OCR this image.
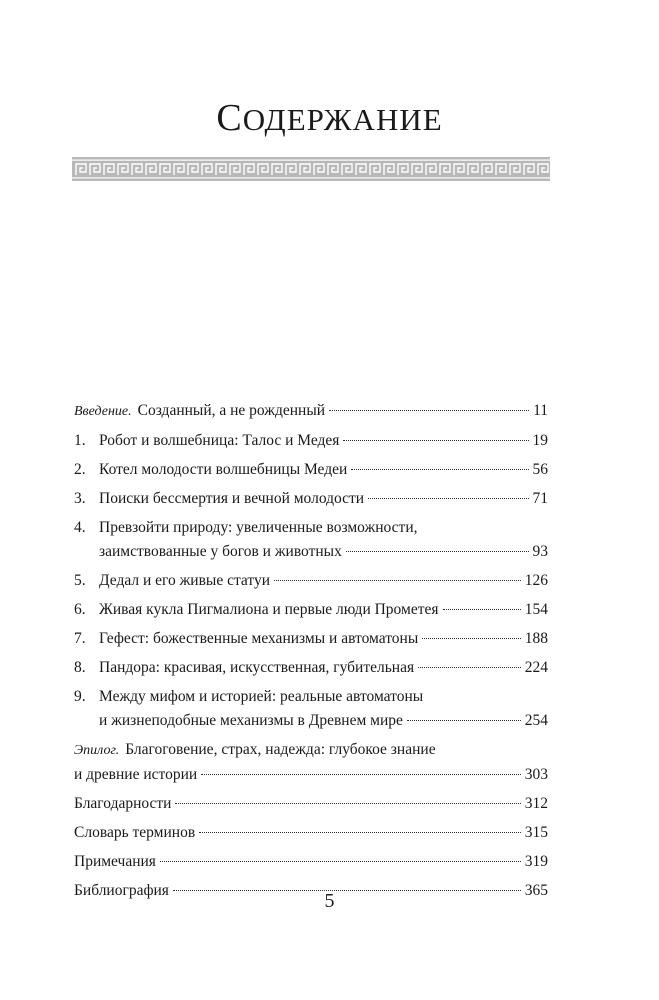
СОДЕРЖАНИЕ
Введение. Созданный, а не рожденный	11
1. Робот и волшебница: Талос и Медея	19
2. Котел молодости волшебницы Медеи	56
3. Поиски бессмертия и вечной молодости	71
4. Превзойти природу: увеличенные возможности,
заимствованные у богов и животных	93
5. Дедал и его живые статуи	126
6. Живая кукла Пигмалиона и первые люди Прометея	154
7. Гефест: божественные механизмы и автоматоны	188
8. Пандора: красивая, искусственная, губительная	224
9. Между мифом и историей: реальные автоматоны
и жизнеподобные механизмы в Древнем мире	254
Эпилог. Благоговение, страх, надежда: глубокое знание
и древние истории	303
Благодарности	312
Словарь терминов	315
Примечания	319
Библиография	365
5
